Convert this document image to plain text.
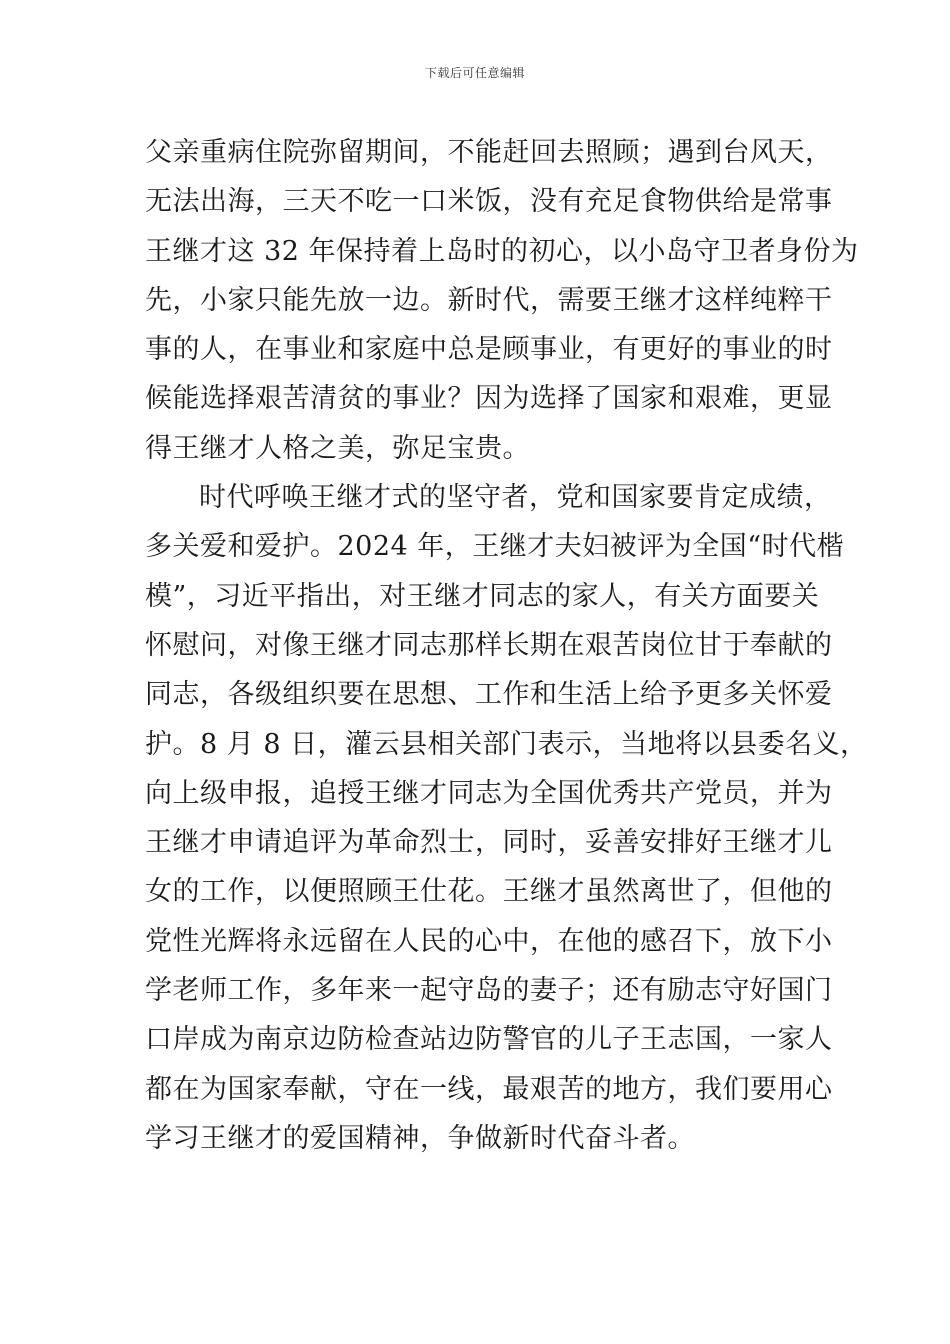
下载后可任意编辑
父亲重病住院弥留期间，不能赶回去照顾；遇到台风天，
无法出海，三天不吃一口米饭，没有充足食物供给是常事
王继才这 32 年保持着上岛时的初心，以小岛守卫者身份为
先，小家只能先放一边。新时代，需要王继才这样纯粹干
事的人，在事业和家庭中总是顾事业，有更好的事业的时
候能选择艰苦清贫的事业？因为选择了国家和艰难，更显
得王继才人格之美，弥足宝贵。
时代呼唤王继才式的坚守者，党和国家要肯定成绩，
多关爱和爱护。2024 年，王继才夫妇被评为全国“时代楷
模”，习近平指出，对王继才同志的家人，有关方面要关
怀慰问，对像王继才同志那样长期在艰苦岗位甘于奉献的
同志，各级组织要在思想、工作和生活上给予更多关怀爱
护。8 月 8 日，灌云县相关部门表示，当地将以县委名义，
向上级申报，追授王继才同志为全国优秀共产党员，并为
王继才申请追评为革命烈士，同时，妥善安排好王继才儿
女的工作，以便照顾王仕花。王继才虽然离世了，但他的
党性光辉将永远留在人民的心中，在他的感召下，放下小
学老师工作，多年来一起守岛的妻子；还有励志守好国门
口岸成为南京边防检查站边防警官的儿子王志国，一家人
都在为国家奉献，守在一线，最艰苦的地方，我们要用心
学习王继才的爱国精神，争做新时代奋斗者。
